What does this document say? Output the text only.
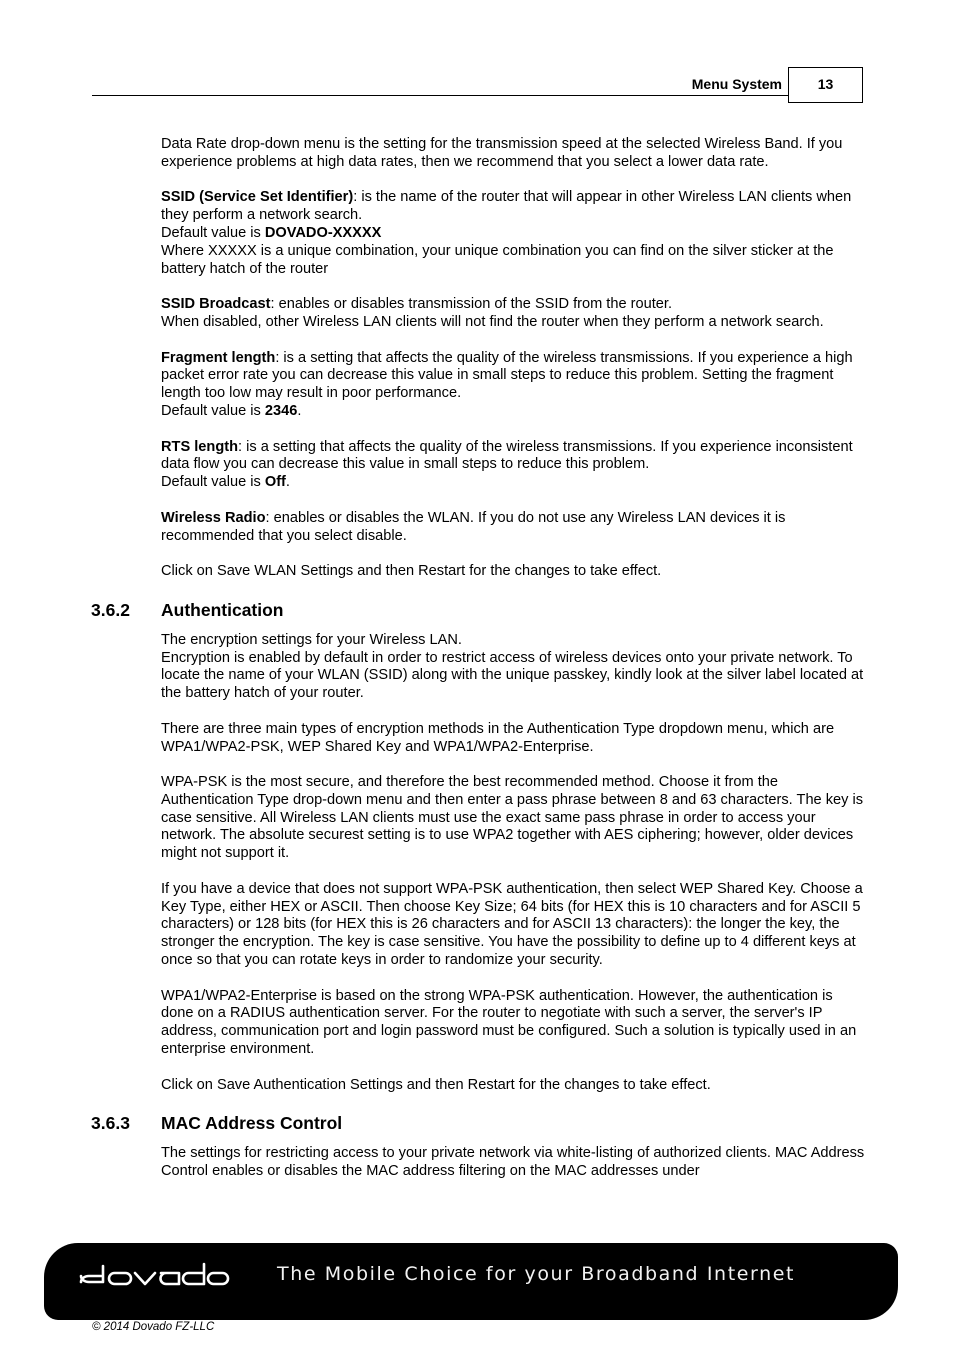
Menu System	13

Data Rate drop-down menu is the setting for the transmission speed at the selected Wireless Band. If you experience problems at high data rates, then we recommend that you select a lower data rate.

SSID (Service Set Identifier): is the name of the router that will appear in other Wireless LAN clients when they perform a network search.

Default value is DOVADO-XXXXX

Where XXXXX is a unique combination, your unique combination you can find on the silver sticker at the battery hatch of the router

SSID Broadcast: enables or disables transmission of the SSID from the router.

When disabled, other Wireless LAN clients will not find the router when they perform a network search.

Fragment length: is a setting that affects the quality of the wireless transmissions. If you experience a high packet error rate you can decrease this value in small steps to reduce this problem. Setting the fragment length too low may result in poor performance.

Default value is 2346.

RTS length: is a setting that affects the quality of the wireless transmissions. If you experience inconsistent data flow you can decrease this value in small steps to reduce this problem.

Default value is Off.

Wireless Radio: enables or disables the WLAN. If you do not use any Wireless LAN devices it is recommended that you select disable.

Click on Save WLAN Settings and then Restart for the changes to take effect.

3.6.2 Authentication

The encryption settings for your Wireless LAN.

Encryption is enabled by default in order to restrict access of wireless devices onto your private network. To locate the name of your WLAN (SSID) along with the unique passkey, kindly look at the silver label located at the battery hatch of your router.

There are three main types of encryption methods in the Authentication Type dropdown menu, which are WPA1/WPA2-PSK, WEP Shared Key and WPA1/WPA2-Enterprise.

WPA-PSK is the most secure, and therefore the best recommended method. Choose it from the Authentication Type drop-down menu and then enter a pass phrase between 8 and 63 characters. The key is case sensitive. All Wireless LAN clients must use the exact same pass phrase in order to access your network. The absolute securest setting is to use WPA2 together with AES ciphering; however, older devices might not support it.

If you have a device that does not support WPA-PSK authentication, then select WEP Shared Key. Choose a Key Type, either HEX or ASCII. Then choose Key Size; 64 bits (for HEX this is 10 characters and for ASCII 5 characters) or 128 bits (for HEX this is 26 characters and for ASCII 13 characters): the longer the key, the stronger the encryption. The key is case sensitive. You have the possibility to define up to 4 different keys at once so that you can rotate keys in order to randomize your security.

WPA1/WPA2-Enterprise is based on the strong WPA-PSK authentication. However, the authentication is done on a RADIUS authentication server. For the router to negotiate with such a server, the server's IP address, communication port and login password must be configured. Such a solution is typically used in an enterprise environment.

Click on Save Authentication Settings and then Restart for the changes to take effect.

3.6.3 MAC Address Control

The settings for restricting access to your private network via white-listing of authorized clients. MAC Address Control enables or disables the MAC address filtering on the MAC addresses under

The Mobile Choice for your Broadband Internet
© 2014 Dovado FZ-LLC
